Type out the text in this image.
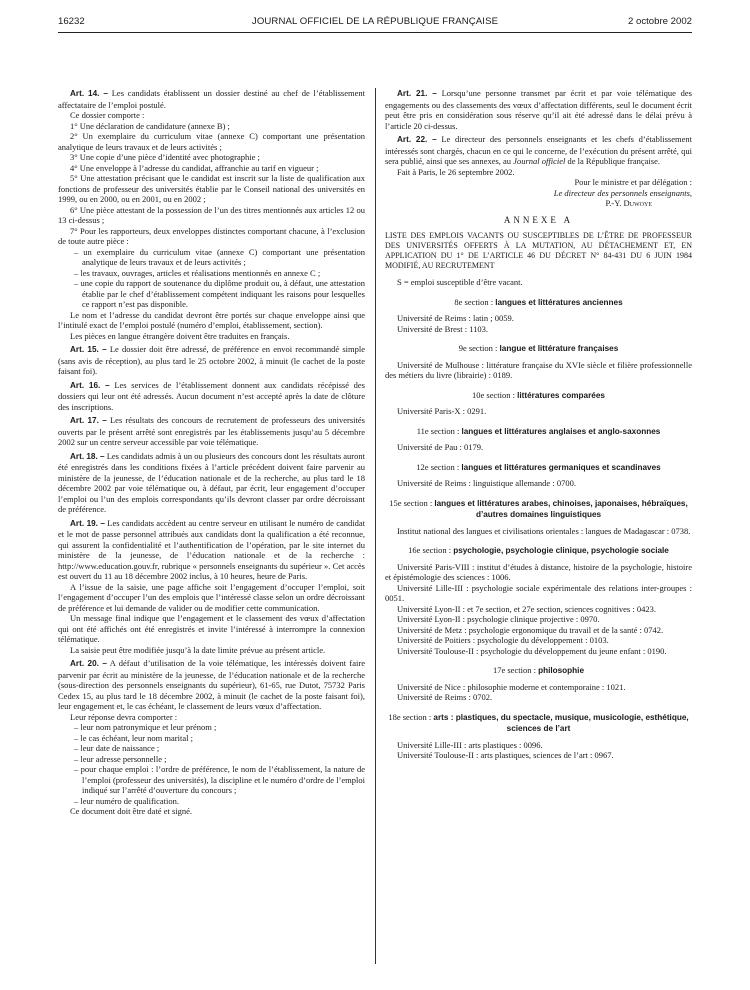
16232	JOURNAL OFFICIEL DE LA RÉPUBLIQUE FRANÇAISE	2 octobre 2002

Art. 14. – Les candidats établissent un dossier destiné au chef de l’établissement affectataire de l’emploi postulé.

Ce dossier comporte :

1° Une déclaration de candidature (annexe B) ;

2° Un exemplaire du curriculum vitae (annexe C) comportant une présentation analytique de leurs travaux et de leurs activités ;

3° Une copie d’une pièce d’identité avec photographie ;

4° Une enveloppe à l’adresse du candidat, affranchie au tarif en vigueur ;

5° Une attestation précisant que le candidat est inscrit sur la liste de qualification aux fonctions de professeur des universités établie par le Conseil national des universités en 1999, ou en 2000, ou en 2001, ou en 2002 ;

6° Une pièce attestant de la possession de l’un des titres mentionnés aux articles 12 ou 13 ci-dessus ;

7° Pour les rapporteurs, deux enveloppes distinctes comportant chacune, à l’exclusion de toute autre pièce :

– un exemplaire du curriculum vitae (annexe C) comportant une présentation analytique de leurs travaux et de leurs activités ;

– les travaux, ouvrages, articles et réalisations mentionnés en annexe C ;

– une copie du rapport de soutenance du diplôme produit ou, à défaut, une attestation établie par le chef d’établissement compétent indiquant les raisons pour lesquelles ce rapport n’est pas disponible.

Le nom et l’adresse du candidat devront être portés sur chaque enveloppe ainsi que l’intitulé exact de l’emploi postulé (numéro d’emploi, établissement, section).

Les pièces en langue étrangère doivent être traduites en français.

Art. 15. – Le dossier doit être adressé, de préférence en envoi recommandé simple (sans avis de réception), au plus tard le 25 octobre 2002, à minuit (le cachet de la poste faisant foi).

Art. 16. – Les services de l’établissement donnent aux candidats récépissé des dossiers qui leur ont été adressés. Aucun document n’est accepté après la date de clôture des inscriptions.

Art. 17. – Les résultats des concours de recrutement de professeurs des universités ouverts par le présent arrêté sont enregistrés par les établissements jusqu’au 5 décembre 2002 sur un centre serveur accessible par voie télématique.

Art. 18. – Les candidats admis à un ou plusieurs des concours dont les résultats auront été enregistrés dans les conditions fixées à l’article précédent doivent faire parvenir au ministère de la jeunesse, de l’éducation nationale et de la recherche, au plus tard le 18 décembre 2002 par voie télématique ou, à défaut, par écrit, leur engagement d’occuper l’emploi ou l’un des emplois correspondants qu’ils devront classer par ordre décroissant de préférence.

Art. 19. – Les candidats accèdent au centre serveur en utilisant le numéro de candidat et le mot de passe personnel attribués aux candidats dont la qualification a été reconnue, qui assurent la confidentialité et l’authentification de l’opération, par le site internet du ministère de la jeunesse, de l’éducation nationale et de la recherche : http://www.education.gouv.fr, rubrique « personnels enseignants du supérieur ». Cet accès est ouvert du 11 au 18 décembre 2002 inclus, à 10 heures, heure de Paris.

A l’issue de la saisie, une page affiche soit l’engagement d’occuper l’emploi, soit l’engagement d’occuper l’un des emplois que l’intéressé classe selon un ordre décroissant de préférence et lui demande de valider ou de modifier cette communication.

Un message final indique que l’engagement et le classement des vœux d’affectation qui ont été affichés ont été enregistrés et invite l’intéressé à interrompre la connexion télématique.

La saisie peut être modifiée jusqu’à la date limite prévue au présent article.

Art. 20. – A défaut d’utilisation de la voie télématique, les intéressés doivent faire parvenir par écrit au ministère de la jeunesse, de l’éducation nationale et de la recherche (sous-direction des personnels enseignants du supérieur), 61-65, rue Dutot, 75732 Paris Cedex 15, au plus tard le 18 décembre 2002, à minuit (le cachet de la poste faisant foi), leur engagement et, le cas échéant, le classement de leurs vœux d’affectation.

Leur réponse devra comporter :

– leur nom patronymique et leur prénom ;

– le cas échéant, leur nom marital ;

– leur date de naissance ;

– leur adresse personnelle ;

– pour chaque emploi : l’ordre de préférence, le nom de l’établissement, la nature de l’emploi (professeur des universités), la discipline et le numéro d’ordre de l’emploi indiqué sur l’arrêté d’ouverture du concours ;

– leur numéro de qualification.

Ce document doit être daté et signé.

Art. 21. – Lorsqu’une personne transmet par écrit et par voie télématique des engagements ou des classements des vœux d’affectation différents, seul le document écrit peut être pris en considération sous réserve qu’il ait été adressé dans le délai prévu à l’article 20 ci-dessus.

Art. 22. – Le directeur des personnels enseignants et les chefs d’établissement intéressés sont chargés, chacun en ce qui le concerne, de l’exécution du présent arrêté, qui sera publié, ainsi que ses annexes, au Journal officiel de la République française.

Fait à Paris, le 26 septembre 2002.

Pour le ministre et par délégation :

Le directeur des personnels enseignants,

P.-Y. Duwoye

ANNEXE A

LISTE DES EMPLOIS VACANTS OU SUSCEPTIBLES DE L’ÊTRE DE PROFESSEUR DES UNIVERSITÉS OFFERTS À LA MUTATION, AU DÉTACHEMENT ET, EN APPLICATION DU 1° DE L’ARTICLE 46 DU DÉCRET N° 84-431 DU 6 JUIN 1984 MODIFIÉ, AU RECRUTEMENT

S = emploi susceptible d’être vacant.

8e section : langues et littératures anciennes

Université de Reims : latin ; 0059.

Université de Brest : 1103.

9e section : langue et littérature françaises

Université de Mulhouse : littérature française du XVIe siècle et filière professionnelle des métiers du livre (librairie) : 0189.

10e section : littératures comparées

Université Paris-X : 0291.

11e section : langues et littératures anglaises et anglo-saxonnes

Université de Pau : 0179.

12e section : langues et littératures germaniques et scandinaves

Université de Reims : linguistique allemande : 0700.

15e section : langues et littératures arabes, chinoises, japonaises, hébraïques, d’autres domaines linguistiques

Institut national des langues et civilisations orientales : langues de Madagascar : 0738.

16e section : psychologie, psychologie clinique, psychologie sociale

Université Paris-VIII : institut d’études à distance, histoire de la psychologie, histoire et épistémologie des sciences : 1006.

Université Lille-III : psychologie sociale expérimentale des relations inter-groupes : 0051.

Université Lyon-II : et 7e section, et 27e section, sciences cognitives : 0423.

Université Lyon-II : psychologie clinique projective : 0970.

Université de Metz : psychologie ergonomique du travail et de la santé : 0742.

Université de Poitiers : psychologie du développement : 0103.

Université Toulouse-II : psychologie du développement du jeune enfant : 0190.

17e section : philosophie

Université de Nice : philosophie moderne et contemporaine : 1021.

Université de Reims : 0702.

18e section : arts : plastiques, du spectacle, musique, musicologie, esthétique, sciences de l’art

Université Lille-III : arts plastiques : 0096.

Université Toulouse-II : arts plastiques, sciences de l’art : 0967.
